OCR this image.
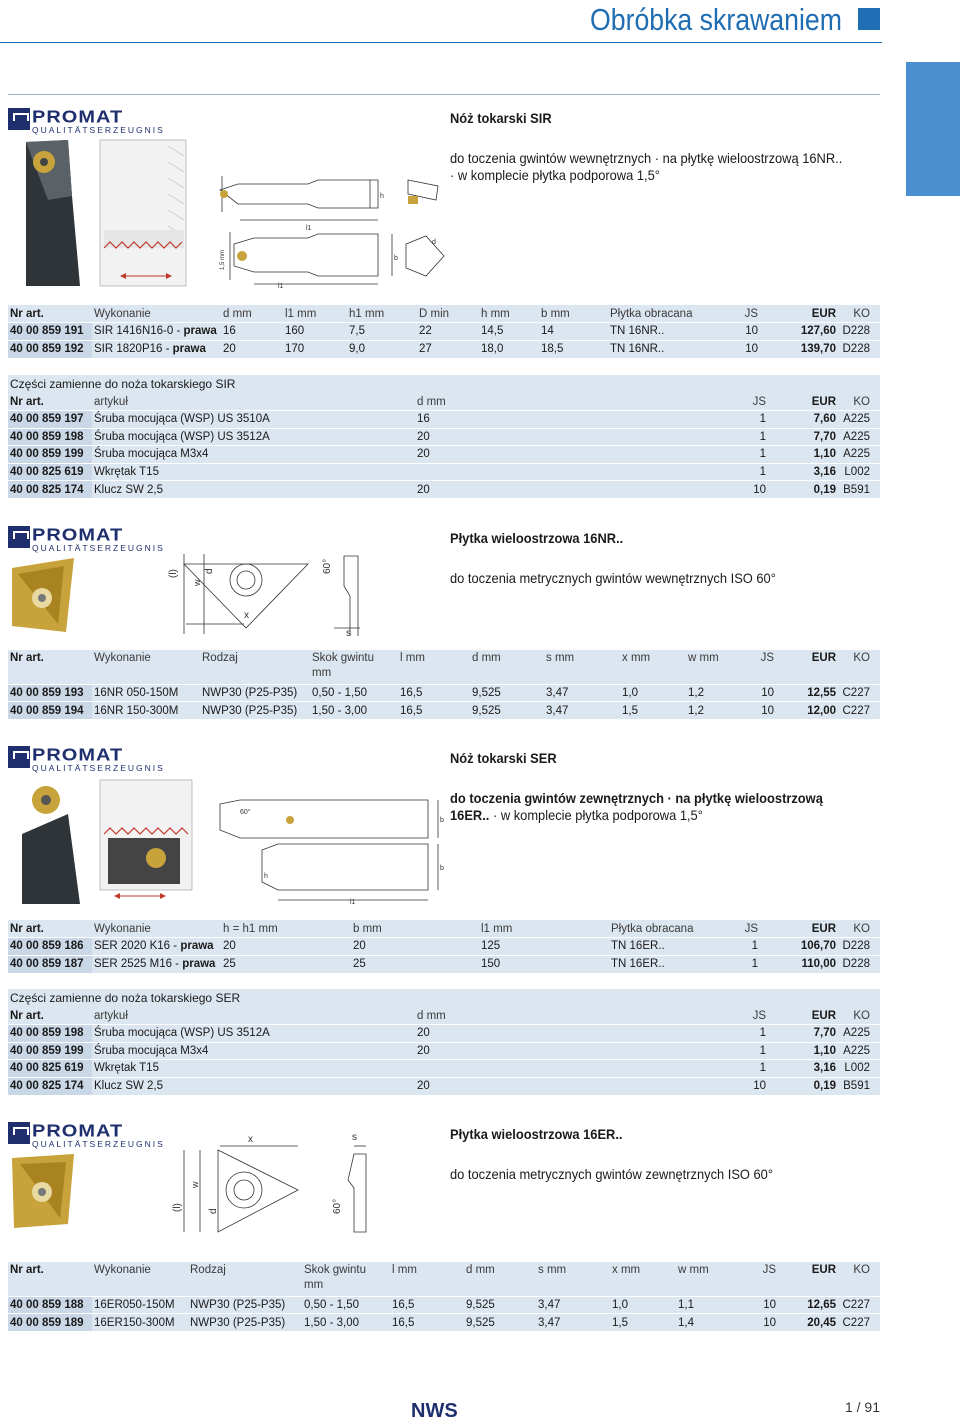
Obróbka skrawaniem
PROMAT
QUALITÄTSERZEUGNIS
l1
h
l1
b
d
1,5 mm
Nóż tokarski SIR
do toczenia gwintów wewnętrznych · na płytkę wieloostrzową 16NR.. · w komplecie płytka podporowa 1,5°
Nr art.	Wykonanie	d mm	l1 mm	h1 mm	D min	h mm	b mm	Płytka obracana	JS	EUR	KO
40 00 859 191	SIR 1416N16-0 - prawa	16	160	7,5	22	14,5	14	TN 16NR..	10	127,60	D228
40 00 859 192	SIR 1820P16 - prawa	20	170	9,0	27	18,0	18,5	TN 16NR..	10	139,70	D228
Części zamienne do noża tokarskiego SIR
Nr art.	artykuł	d mm	JS	EUR	KO
40 00 859 197	Śruba mocująca (WSP) US 3510A	16	1	7,60	A225
40 00 859 198	Śruba mocująca (WSP) US 3512A	20	1	7,70	A225
40 00 859 199	Śruba mocująca M3x4	20	1	1,10	A225
40 00 825 619	Wkrętak T15		1	3,16	L002
40 00 825 174	Klucz SW 2,5	20	10	0,19	B591
PROMAT
QUALITÄTSERZEUGNIS
(l)	d
w
x
60°
s
Płytka wieloostrzowa 16NR..
do toczenia metrycznych gwintów wewnętrznych ISO 60°
Nr art.	Wykonanie	Rodzaj	Skok gwintu mm	l mm	d mm	s mm	x mm	w mm	JS	EUR	KO
40 00 859 193	16NR 050-150M	NWP30 (P25-P35)	0,50 - 1,50	16,5	9,525	3,47	1,0	1,2	10	12,55	C227
40 00 859 194	16NR 150-300M	NWP30 (P25-P35)	1,50 - 3,00	16,5	9,525	3,47	1,5	1,2	10	12,00	C227
PROMAT
QUALITÄTSERZEUGNIS
60°
b
b
h
l1
Nóż tokarski SER
do toczenia gwintów zewnętrznych · na płytkę wieloostrzową 16ER.. · w komplecie płytka podporowa 1,5°
Nr art.	Wykonanie	h = h1 mm	b mm	l1 mm	Płytka obracana	JS	EUR	KO
40 00 859 186	SER 2020 K16 - prawa	20	20	125	TN 16ER..	1	106,70	D228
40 00 859 187	SER 2525 M16 - prawa	25	25	150	TN 16ER..	1	110,00	D228
Części zamienne do noża tokarskiego SER
Nr art.	artykuł	d mm	JS	EUR	KO
40 00 859 198	Śruba mocująca (WSP) US 3512A	20	1	7,70	A225
40 00 859 199	Śruba mocująca M3x4	20	1	1,10	A225
40 00 825 619	Wkrętak T15		1	3,16	L002
40 00 825 174	Klucz SW 2,5	20	10	0,19	B591
PROMAT
QUALITÄTSERZEUGNIS	x	s
(l)
w
d	60°
Płytka wieloostrzowa 16ER..
do toczenia metrycznych gwintów zewnętrznych ISO 60°
Nr art.	Wykonanie	Rodzaj	Skok gwintu mm	l mm	d mm	s mm	x mm	w mm	JS	EUR	KO
40 00 859 188	16ER050-150M	NWP30 (P25-P35)	0,50 - 1,50	16,5	9,525	3,47	1,0	1,1	10	12,65	C227
40 00 859 189	16ER150-300M	NWP30 (P25-P35)	1,50 - 3,00	16,5	9,525	3,47	1,5	1,4	10	20,45	C227
NWS	1 / 91
